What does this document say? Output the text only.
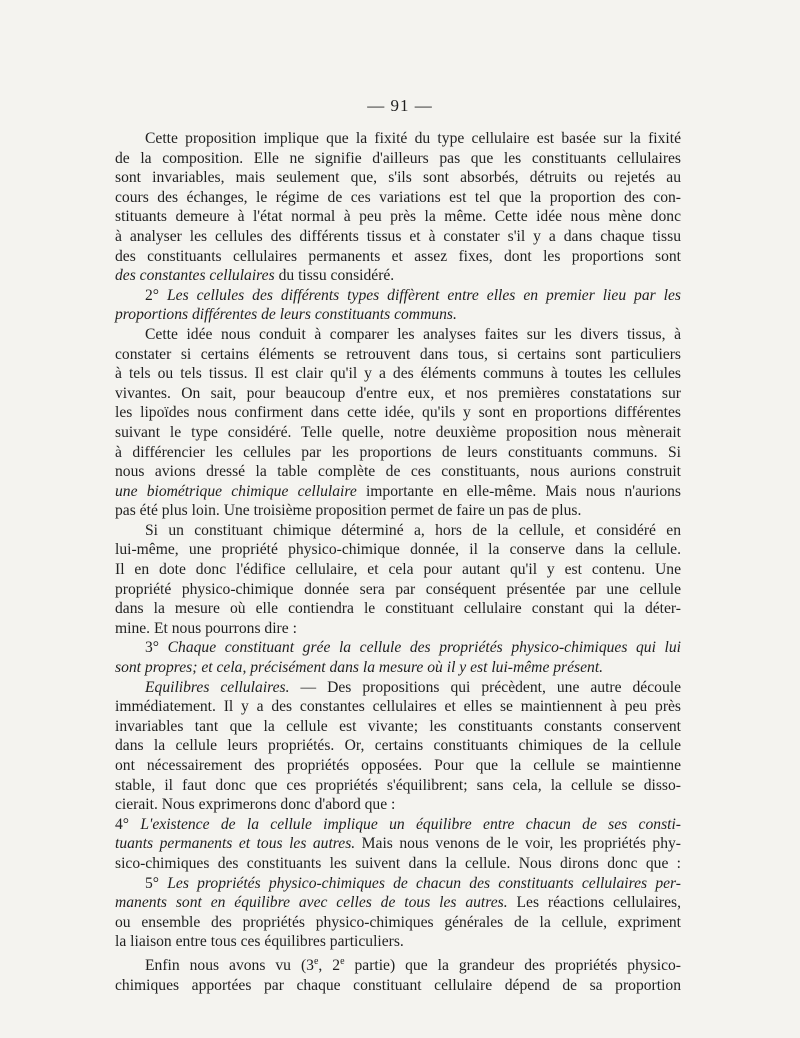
— 91 —
Cette proposition implique que la fixité du type cellulaire est basée sur la fixité
de la composition. Elle ne signifie d'ailleurs pas que les constituants cellulaires
sont invariables, mais seulement que, s'ils sont absorbés, détruits ou rejetés au
cours des échanges, le régime de ces variations est tel que la proportion des con-
stituants demeure à l'état normal à peu près la même. Cette idée nous mène donc
à analyser les cellules des différents tissus et à constater s'il y a dans chaque tissu
des constituants cellulaires permanents et assez fixes, dont les proportions sont
des constantes cellulaires du tissu considéré.
2° Les cellules des différents types diffèrent entre elles en premier lieu par les
proportions différentes de leurs constituants communs.
Cette idée nous conduit à comparer les analyses faites sur les divers tissus, à
constater si certains éléments se retrouvent dans tous, si certains sont particuliers
à tels ou tels tissus. Il est clair qu'il y a des éléments communs à toutes les cellules
vivantes. On sait, pour beaucoup d'entre eux, et nos premières constatations sur
les lipoïdes nous confirment dans cette idée, qu'ils y sont en proportions différentes
suivant le type considéré. Telle quelle, notre deuxième proposition nous mènerait
à différencier les cellules par les proportions de leurs constituants communs. Si
nous avions dressé la table complète de ces constituants, nous aurions construit
une biométrique chimique cellulaire importante en elle-même. Mais nous n'aurions
pas été plus loin. Une troisième proposition permet de faire un pas de plus.
Si un constituant chimique déterminé a, hors de la cellule, et considéré en
lui-même, une propriété physico-chimique donnée, il la conserve dans la cellule.
Il en dote donc l'édifice cellulaire, et cela pour autant qu'il y est contenu. Une
propriété physico-chimique donnée sera par conséquent présentée par une cellule
dans la mesure où elle contiendra le constituant cellulaire constant qui la déter-
mine. Et nous pourrons dire :
3° Chaque constituant grée la cellule des propriétés physico-chimiques qui lui
sont propres; et cela, précisément dans la mesure où il y est lui-même présent.
Equilibres cellulaires. — Des propositions qui précèdent, une autre découle
immédiatement. Il y a des constantes cellulaires et elles se maintiennent à peu près
invariables tant que la cellule est vivante; les constituants constants conservent
dans la cellule leurs propriétés. Or, certains constituants chimiques de la cellule
ont nécessairement des propriétés opposées. Pour que la cellule se maintienne
stable, il faut donc que ces propriétés s'équilibrent; sans cela, la cellule se disso-
cierait. Nous exprimerons donc d'abord que :
4° L'existence de la cellule implique un équilibre entre chacun de ses consti-
tuants permanents et tous les autres. Mais nous venons de le voir, les propriétés phy-
sico-chimiques des constituants les suivent dans la cellule. Nous dirons donc que :
5° Les propriétés physico-chimiques de chacun des constituants cellulaires per-
manents sont en équilibre avec celles de tous les autres. Les réactions cellulaires,
ou ensemble des propriétés physico-chimiques générales de la cellule, expriment
la liaison entre tous ces équilibres particuliers.
Enfin nous avons vu (3e, 2e partie) que la grandeur des propriétés physico-
chimiques apportées par chaque constituant cellulaire dépend de sa proportion
